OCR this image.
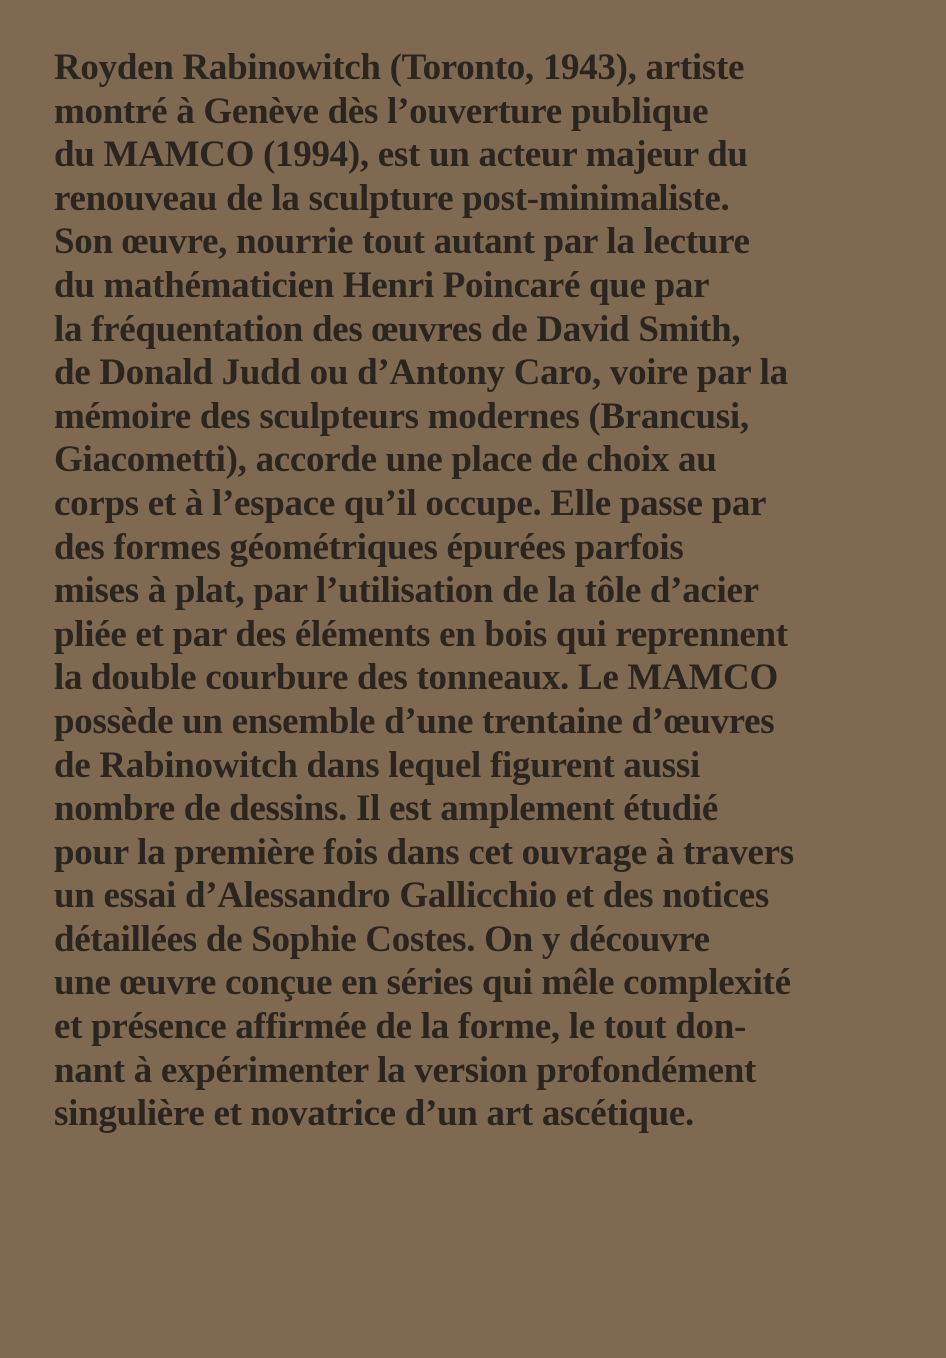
Royden Rabinowitch (Toronto, 1943), artiste
montré à Genève dès l’ouverture publique
du MAMCO (1994), est un acteur majeur du
renouveau de la sculpture post-minimaliste.
Son œuvre, nourrie tout autant par la lecture
du mathématicien Henri Poincaré que par
la fréquentation des œuvres de David Smith,
de Donald Judd ou d’Antony Caro, voire par la
mémoire des sculpteurs modernes (Brancusi,
Giacometti), accorde une place de choix au
corps et à l’espace qu’il occupe. Elle passe par
des formes géométriques épurées parfois
mises à plat, par l’utilisation de la tôle d’acier
pliée et par des éléments en bois qui reprennent
la double courbure des tonneaux. Le MAMCO
possède un ensemble d’une trentaine d’œuvres
de Rabinowitch dans lequel figurent aussi
nombre de dessins. Il est amplement étudié
pour la première fois dans cet ouvrage à travers
un essai d’Alessandro Gallicchio et des notices
détaillées de Sophie Costes. On y découvre
une œuvre conçue en séries qui mêle complexité
et présence affirmée de la forme, le tout don-
nant à expérimenter la version profondément
singulière et novatrice d’un art ascétique.
